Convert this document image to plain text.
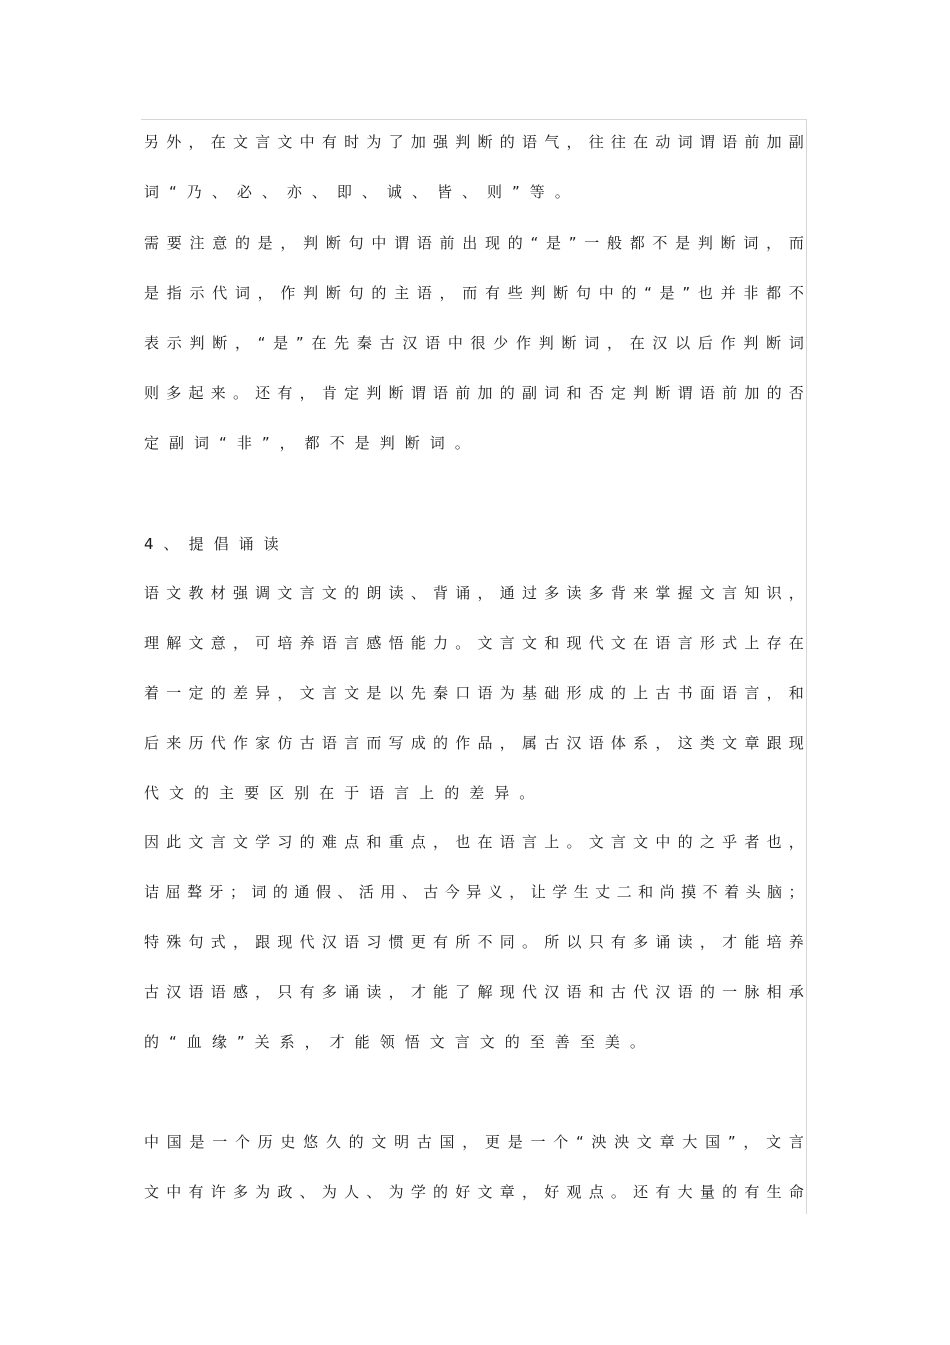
另 外 ， 在 文 言 文 中 有 时 为 了 加 强 判 断 的 语 气 ， 往 往 在 动 词 谓 语 前 加 副
词 “ 乃 、 必 、 亦 、 即 、 诚 、 皆 、 则 ” 等 。
需 要 注 意 的 是 ， 判 断 句 中 谓 语 前 出 现 的 “ 是 ” 一 般 都 不 是 判 断 词 ， 而
是 指 示 代 词 ， 作 判 断 句 的 主 语 ， 而 有 些 判 断 句 中 的 “ 是 ” 也 并 非 都 不
表 示 判 断 ， “ 是 ” 在 先 秦 古 汉 语 中 很 少 作 判 断 词 ， 在 汉 以 后 作 判 断 词
则 多 起 来 。 还 有 ， 肯 定 判 断 谓 语 前 加 的 副 词 和 否 定 判 断 谓 语 前 加 的 否
定 副 词 “ 非 ” ， 都 不 是 判 断 词 。
4 、 提 倡 诵 读
语 文 教 材 强 调 文 言 文 的 朗 读 、 背 诵 ， 通 过 多 读 多 背 来 掌 握 文 言 知 识 ，
理 解 文 意 ， 可 培 养 语 言 感 悟 能 力 。 文 言 文 和 现 代 文 在 语 言 形 式 上 存 在
着 一 定 的 差 异 ， 文 言 文 是 以 先 秦 口 语 为 基 础 形 成 的 上 古 书 面 语 言 ， 和
后 来 历 代 作 家 仿 古 语 言 而 写 成 的 作 品 ， 属 古 汉 语 体 系 ， 这 类 文 章 跟 现
代 文 的 主 要 区 别 在 于 语 言 上 的 差 异 。
因 此 文 言 文 学 习 的 难 点 和 重 点 ， 也 在 语 言 上 。 文 言 文 中 的 之 乎 者 也 ，
诘 屈 聱 牙 ； 词 的 通 假 、 活 用 、 古 今 异 义 ， 让 学 生 丈 二 和 尚 摸 不 着 头 脑 ；
特 殊 句 式 ， 跟 现 代 汉 语 习 惯 更 有 所 不 同 。 所 以 只 有 多 诵 读 ， 才 能 培 养
古 汉 语 语 感 ， 只 有 多 诵 读 ， 才 能 了 解 现 代 汉 语 和 古 代 汉 语 的 一 脉 相 承
的 “ 血 缘 ” 关 系 ， 才 能 领 悟 文 言 文 的 至 善 至 美 。
中 国 是 一 个 历 史 悠 久 的 文 明 古 国 ， 更 是 一 个 “ 泱 泱 文 章 大 国 ” ， 文 言
文 中 有 许 多 为 政 、 为 人 、 为 学 的 好 文 章 ， 好 观 点 。 还 有 大 量 的 有 生 命
